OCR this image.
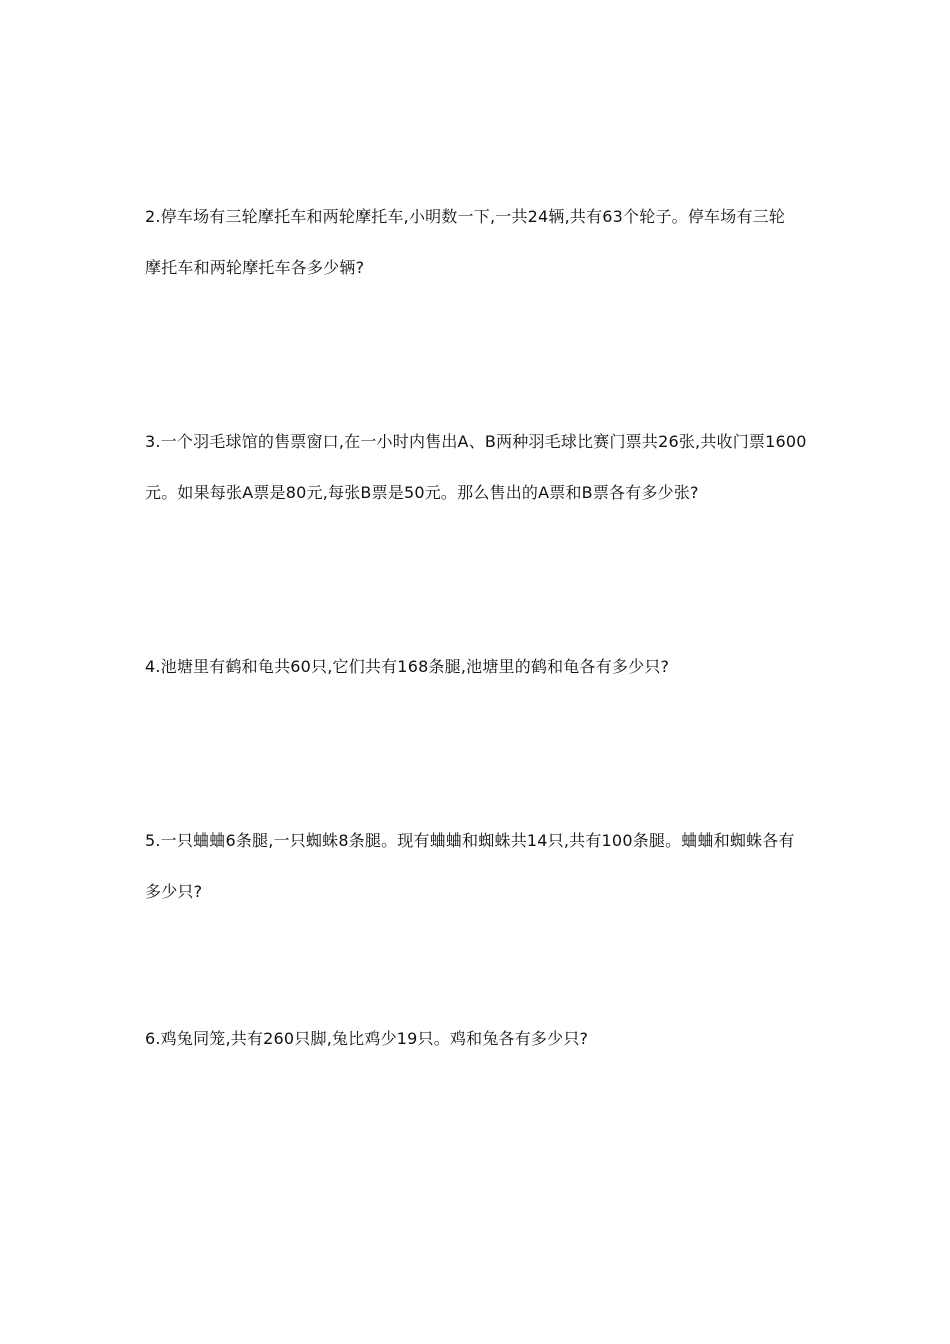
2.停车场有三轮摩托车和两轮摩托车,小明数一下,一共24辆,共有63个轮子。停车场有三轮
摩托车和两轮摩托车各多少辆?
3.一个羽毛球馆的售票窗口,在一小时内售出A、B两种羽毛球比赛门票共26张,共收门票1600
元。如果每张A票是80元,每张B票是50元。那么售出的A票和B票各有多少张?
4.池塘里有鹤和龟共60只,它们共有168条腿,池塘里的鹤和龟各有多少只?
5.一只蛐蛐6条腿,一只蜘蛛8条腿。现有蛐蛐和蜘蛛共14只,共有100条腿。蛐蛐和蜘蛛各有
多少只?
6.鸡兔同笼,共有260只脚,兔比鸡少19只。鸡和兔各有多少只?
